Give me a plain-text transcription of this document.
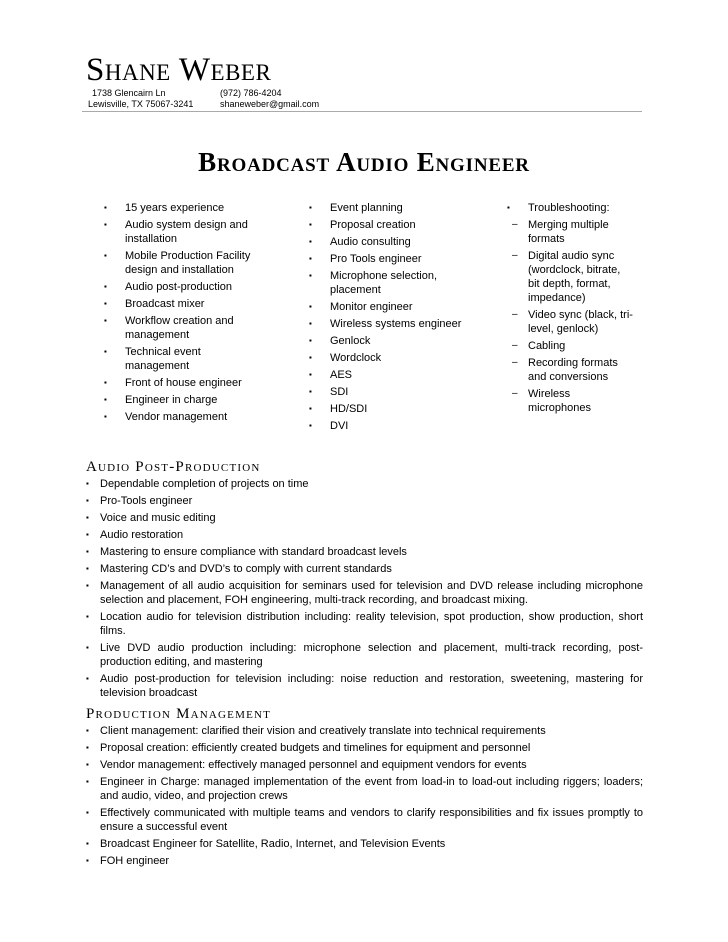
Shane Weber
1738 Glencairn Ln
Lewisville, TX 75067-3241
(972) 786-4204
shaneweber@gmail.com
Broadcast Audio Engineer
▪ 15 years experience
▪ Audio system design and installation
▪ Mobile Production Facility design and installation
▪ Audio post-production
▪ Broadcast mixer
▪ Workflow creation and management
▪ Technical event management
▪ Front of house engineer
▪ Engineer in charge
▪ Vendor management
▪ Event planning
▪ Proposal creation
▪ Audio consulting
▪ Pro Tools engineer
▪ Microphone selection, placement
▪ Monitor engineer
▪ Wireless systems engineer
▪ Genlock
▪ Wordclock
▪ AES
▪ SDI
▪ HD/SDI
▪ DVI
▪ Troubleshooting:
– Merging multiple formats
– Digital audio sync (wordclock, bitrate, bit depth, format, impedance)
– Video sync (black, tri-level, genlock)
– Cabling
– Recording formats and conversions
– Wireless microphones
Audio Post-Production
▪ Dependable completion of projects on time
▪ Pro-Tools engineer
▪ Voice and music editing
▪ Audio restoration
▪ Mastering to ensure compliance with standard broadcast levels
▪ Mastering CD’s and DVD’s to comply with current standards
▪ Management of all audio acquisition for seminars used for television and DVD release including microphone selection and placement, FOH engineering, multi-track recording, and broadcast mixing.
▪ Location audio for television distribution including: reality television, spot production, show production, short films.
▪ Live DVD audio production including: microphone selection and placement, multi-track recording, post-production editing, and mastering
▪ Audio post-production for television including: noise reduction and restoration, sweetening, mastering for television broadcast
Production Management
▪ Client management: clarified their vision and creatively translate into technical requirements
▪ Proposal creation: efficiently created budgets and timelines for equipment and personnel
▪ Vendor management: effectively managed personnel and equipment vendors for events
▪ Engineer in Charge: managed implementation of the event from load-in to load-out including riggers; loaders; and audio, video, and projection crews
▪ Effectively communicated with multiple teams and vendors to clarify responsibilities and fix issues promptly to ensure a successful event
▪ Broadcast Engineer for Satellite, Radio, Internet, and Television Events
▪ FOH engineer
